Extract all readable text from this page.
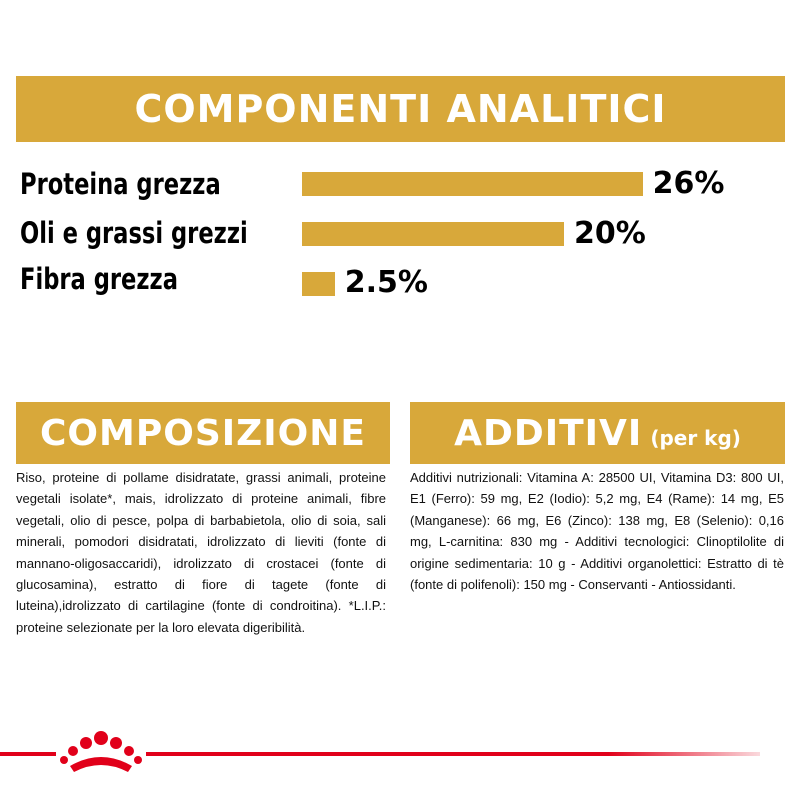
COMPONENTI ANALITICI
Proteina grezza	26%
Oli e grassi grezzi	20%
Fibra grezza	2.5%
COMPOSIZIONE

Riso, proteine di pollame disidratate, grassi animali, proteine vegetali isolate*, mais, idrolizzato di proteine animali, fibre vegetali, olio di pesce, polpa di barbabietola, olio di soia, sali minerali, pomodori disidratati, idrolizzato di lieviti (fonte di mannano-oligosaccaridi), idrolizzato di crostacei (fonte di glucosamina), estratto di fiore di tagete (fonte di luteina),idrolizzato di cartilagine (fonte di condroitina). *L.I.P.: proteine selezionate per la loro elevata digeribilità.

ADDITIVI (per kg)

Additivi nutrizionali: Vitamina A: 28500 UI, Vitamina D3: 800 UI, E1 (Ferro): 59 mg, E2 (Iodio): 5,2 mg, E4 (Rame): 14 mg, E5 (Manganese): 66 mg, E6 (Zinco): 138 mg, E8 (Selenio): 0,16 mg, L-carnitina: 830 mg - Additivi tecnologici: Clinoptilolite di origine sedimentaria: 10 g - Additivi organolettici: Estratto di tè (fonte di polifenoli): 150 mg - Conservanti - Antiossidanti.
